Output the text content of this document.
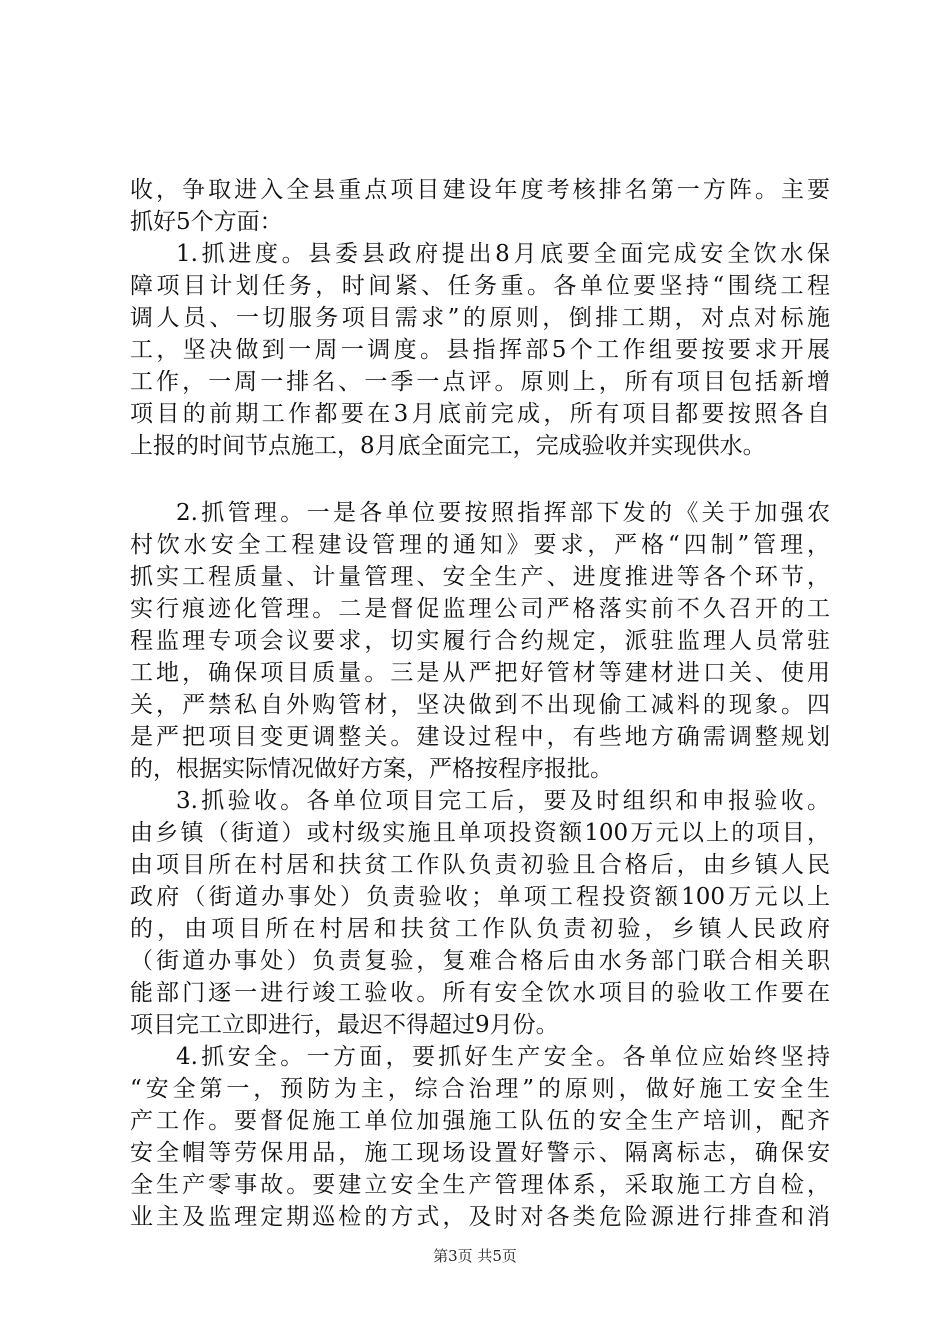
收，争取进入全县重点项目建设年度考核排名第一方阵。主要
抓好5个方面：
1.抓进度。县委县政府提出8月底要全面完成安全饮水保
障项目计划任务，时间紧、任务重。各单位要坚持“围绕工程
调人员、一切服务项目需求”的原则，倒排工期，对点对标施
工，坚决做到一周一调度。县指挥部5个工作组要按要求开展
工作，一周一排名、一季一点评。原则上，所有项目包括新增
项目的前期工作都要在3月底前完成，所有项目都要按照各自
上报的时间节点施工，8月底全面完工，完成验收并实现供水。
2.抓管理。一是各单位要按照指挥部下发的《关于加强农
村饮水安全工程建设管理的通知》要求，严格“四制”管理，
抓实工程质量、计量管理、安全生产、进度推进等各个环节，
实行痕迹化管理。二是督促监理公司严格落实前不久召开的工
程监理专项会议要求，切实履行合约规定，派驻监理人员常驻
工地，确保项目质量。三是从严把好管材等建材进口关、使用
关，严禁私自外购管材，坚决做到不出现偷工减料的现象。四
是严把项目变更调整关。建设过程中，有些地方确需调整规划
的，根据实际情况做好方案，严格按程序报批。
3.抓验收。各单位项目完工后，要及时组织和申报验收。
由乡镇（街道）或村级实施且单项投资额100万元以上的项目，
由项目所在村居和扶贫工作队负责初验且合格后，由乡镇人民
政府（街道办事处）负责验收；单项工程投资额100万元以上
的，由项目所在村居和扶贫工作队负责初验，乡镇人民政府
（街道办事处）负责复验，复难合格后由水务部门联合相关职
能部门逐一进行竣工验收。所有安全饮水项目的验收工作要在
项目完工立即进行，最迟不得超过9月份。
4.抓安全。一方面，要抓好生产安全。各单位应始终坚持
“安全第一，预防为主，综合治理”的原则，做好施工安全生
产工作。要督促施工单位加强施工队伍的安全生产培训，配齐
安全帽等劳保用品，施工现场设置好警示、隔离标志，确保安
全生产零事故。要建立安全生产管理体系，采取施工方自检，
业主及监理定期巡检的方式，及时对各类危险源进行排查和消
第3页 共5页
